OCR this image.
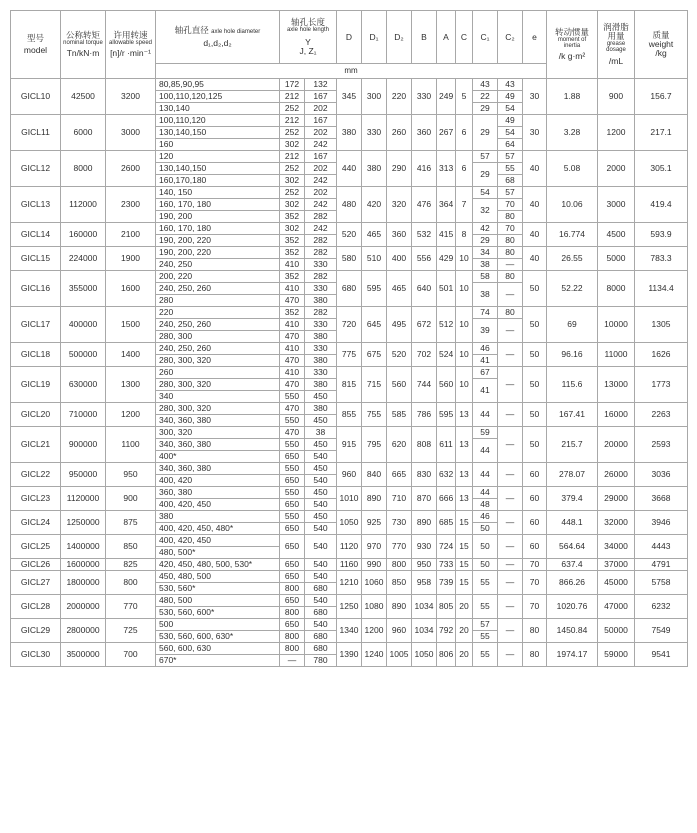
型号
model	公称转矩
nominal torque
Tn/kN·m	许用转速
allowable speed
[n]/r ·min⁻¹	轴孔直径 axle hole diameter
d₁,d₂,d₂	轴孔长度
axle hole length
Y J, Z₁		D	D₁	D₂	B	A	C	C₁	C₂	e	转动惯量
moment of inertia
/k g·m²	润滑脂用量
grease dosage
/mL	质量
weight
/kg

			mm														
GICL10	42500	3200	80,85,90,95	172	132	345	300	220	330	249	5	43	43	30	1.88	900	156.7
			100,110,120,125	212	167							22	49				
			130,140	252	202							29	54				
GICL11	6000	3000	100,110,120	212	167	380	330	260	360	267	6	29	49	30	3.28	1200	217.1
			130,140,150	252	202								54				
			160	302	242								64				
GICL12	8000	2600	120	212	167	440	380	290	416	313	6	57	57	40	5.08	2000	305.1
			130,140,150	252	202							29	55				
			160,170,180	302	242								68				
GICL13	112000	2300	140, 150	252	202	480	420	320	476	364	7	54	57	40	10.06	3000	419.4
			160, 170, 180	302	242							32	70				
			190, 200	352	282								80				
GICL14	160000	2100	160, 170, 180	302	242	520	465	360	532	415	8	42	70	40	16.774	4500	593.9
			190, 200, 220	352	282							29	80				
GICL15	224000	1900	190, 200, 220	352	282	580	510	400	556	429	10	34	80	40	26.55	5000	783.3
			240, 250	410	330							38	—				
GICL16	355000	1600	200, 220	352	282	680	595	465	640	501	10	58	80	50	52.22	8000	1134.4
			240, 250, 260	410	330							38	—				
			280	470	380												
GICL17	400000	1500	220	352	282	720	645	495	672	512	10	74	80	50	69	10000	1305
			240, 250, 260	410	330							39	—				
			280, 300	470	380												
GICL18	500000	1400	240, 250, 260	410	330	775	675	520	702	524	10	46	—	50	96.16	11000	1626
			280, 300, 320	470	380							41					
GICL19	630000	1300	260	410	330	815	715	560	744	560	10	67	—	50	115.6	13000	1773
			280, 300, 320	470	380							41					
			340	550	450												
GICL20	710000	1200	280, 300, 320	470	380	855	755	585	786	595	13	44	—	50	167.41	16000	2263
			340, 360, 380	550	450												
GICL21	900000	1100	300, 320	470	38	915	795	620	808	611	13	59	—	50	215.7	20000	2593
			340, 360, 380	550	450							44					
			400*	650	540												
GICL22	950000	950	340, 360, 380	550	450	960	840	665	830	632	13	44	—	60	278.07	26000	3036
			400, 420	650	540												
GICL23	1120000	900	360, 380	550	450	1010	890	710	870	666	13	44	—	60	379.4	29000	3668
			400, 420, 450	650	540							48					
GICL24	1250000	875	380	550	450	1050	925	730	890	685	15	46	—	60	448.1	32000	3946
			400, 420, 450, 480*	650	540							50					
GICL25	1400000	850	400, 420, 450	650	540	1120	970	770	930	724	15	50	—	60	564.64	34000	4443
			480, 500*														
GICL26	1600000	825	420, 450, 480, 500, 530*	650	540	1160	990	800	950	733	15	50	—	70	637.4	37000	4791
GICL27	1800000	800	450, 480, 500	650	540	1210	1060	850	958	739	15	55	—	70	866.26	45000	5758
			530, 560*	800	680												
GICL28	2000000	770	480, 500	650	540	1250	1080	890	1034	805	20	55	—	70	1020.76	47000	6232
			530, 560, 600*	800	680												
GICL29	2800000	725	500	650	540	1340	1200	960	1034	792	20	57	—	80	1450.84	50000	7549
			530, 560, 600, 630*	800	680							55					
GICL30	3500000	700	560, 600, 630	800	680	1390	1240	1005	1050	806	20	55	—	80	1974.17	59000	9541
			670*	—	780												
